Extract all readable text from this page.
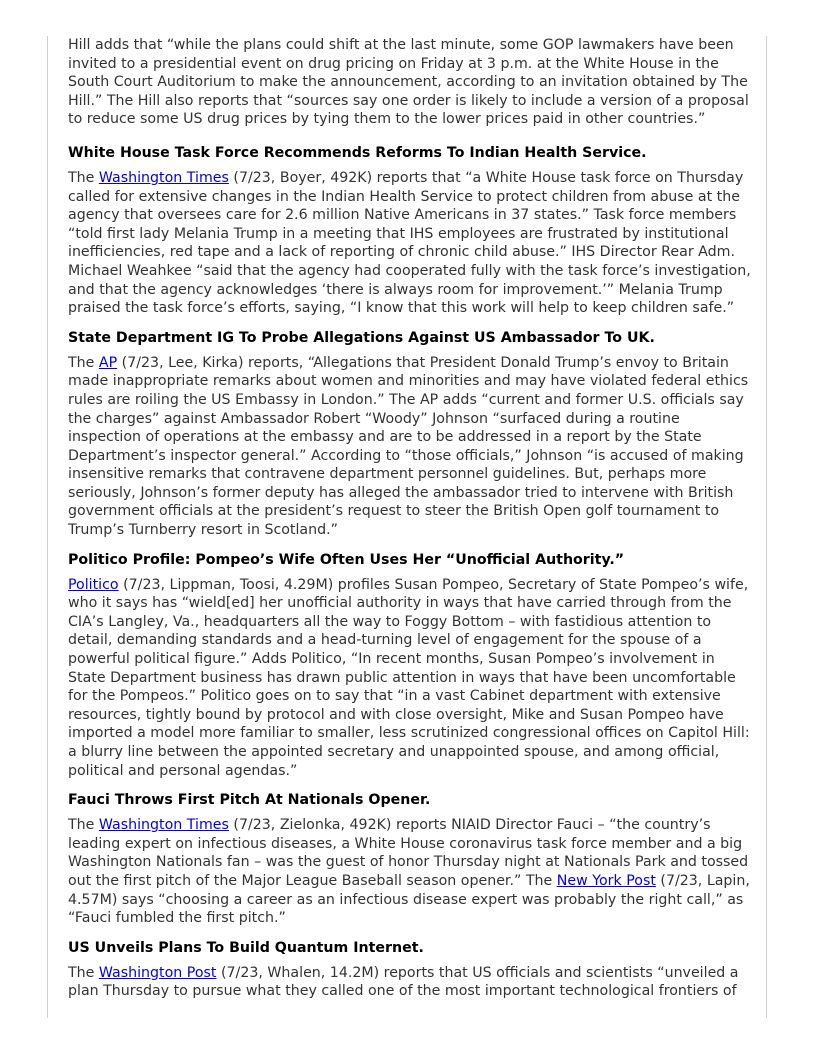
Hill adds that “while the plans could shift at the last minute, some GOP lawmakers have been invited to a presidential event on drug pricing on Friday at 3 p.m. at the White House in the South Court Auditorium to make the announcement, according to an invitation obtained by The Hill.” The Hill also reports that “sources say one order is likely to include a version of a proposal to reduce some US drug prices by tying them to the lower prices paid in other countries.”

White House Task Force Recommends Reforms To Indian Health Service.

The Washington Times (7/23, Boyer, 492K) reports that “a White House task force on Thursday called for extensive changes in the Indian Health Service to protect children from abuse at the agency that oversees care for 2.6 million Native Americans in 37 states.” Task force members “told first lady Melania Trump in a meeting that IHS employees are frustrated by institutional inefficiencies, red tape and a lack of reporting of chronic child abuse.” IHS Director Rear Adm. Michael Weahkee “said that the agency had cooperated fully with the task force’s investigation, and that the agency acknowledges ‘there is always room for improvement.’” Melania Trump praised the task force’s efforts, saying, “I know that this work will help to keep children safe.”

State Department IG To Probe Allegations Against US Ambassador To UK.

The AP (7/23, Lee, Kirka) reports, “Allegations that President Donald Trump’s envoy to Britain made inappropriate remarks about women and minorities and may have violated federal ethics rules are roiling the US Embassy in London.” The AP adds “current and former U.S. officials say the charges” against Ambassador Robert “Woody” Johnson “surfaced during a routine inspection of operations at the embassy and are to be addressed in a report by the State Department’s inspector general.” According to “those officials,” Johnson “is accused of making insensitive remarks that contravene department personnel guidelines. But, perhaps more seriously, Johnson’s former deputy has alleged the ambassador tried to intervene with British government officials at the president’s request to steer the British Open golf tournament to Trump’s Turnberry resort in Scotland.”

Politico Profile: Pompeo’s Wife Often Uses Her “Unofficial Authority.”

Politico (7/23, Lippman, Toosi, 4.29M) profiles Susan Pompeo, Secretary of State Pompeo’s wife, who it says has “wield[ed] her unofficial authority in ways that have carried through from the CIA’s Langley, Va., headquarters all the way to Foggy Bottom – with fastidious attention to detail, demanding standards and a head-turning level of engagement for the spouse of a powerful political figure.” Adds Politico, “In recent months, Susan Pompeo’s involvement in State Department business has drawn public attention in ways that have been uncomfortable for the Pompeos.” Politico goes on to say that “in a vast Cabinet department with extensive resources, tightly bound by protocol and with close oversight, Mike and Susan Pompeo have imported a model more familiar to smaller, less scrutinized congressional offices on Capitol Hill: a blurry line between the appointed secretary and unappointed spouse, and among official, political and personal agendas.”

Fauci Throws First Pitch At Nationals Opener.

The Washington Times (7/23, Zielonka, 492K) reports NIAID Director Fauci – “the country’s leading expert on infectious diseases, a White House coronavirus task force member and a big Washington Nationals fan – was the guest of honor Thursday night at Nationals Park and tossed out the first pitch of the Major League Baseball season opener.” The New York Post (7/23, Lapin, 4.57M) says “choosing a career as an infectious disease expert was probably the right call,” as “Fauci fumbled the first pitch.”

US Unveils Plans To Build Quantum Internet.

The Washington Post (7/23, Whalen, 14.2M) reports that US officials and scientists “unveiled a plan Thursday to pursue what they called one of the most important technological frontiers of
